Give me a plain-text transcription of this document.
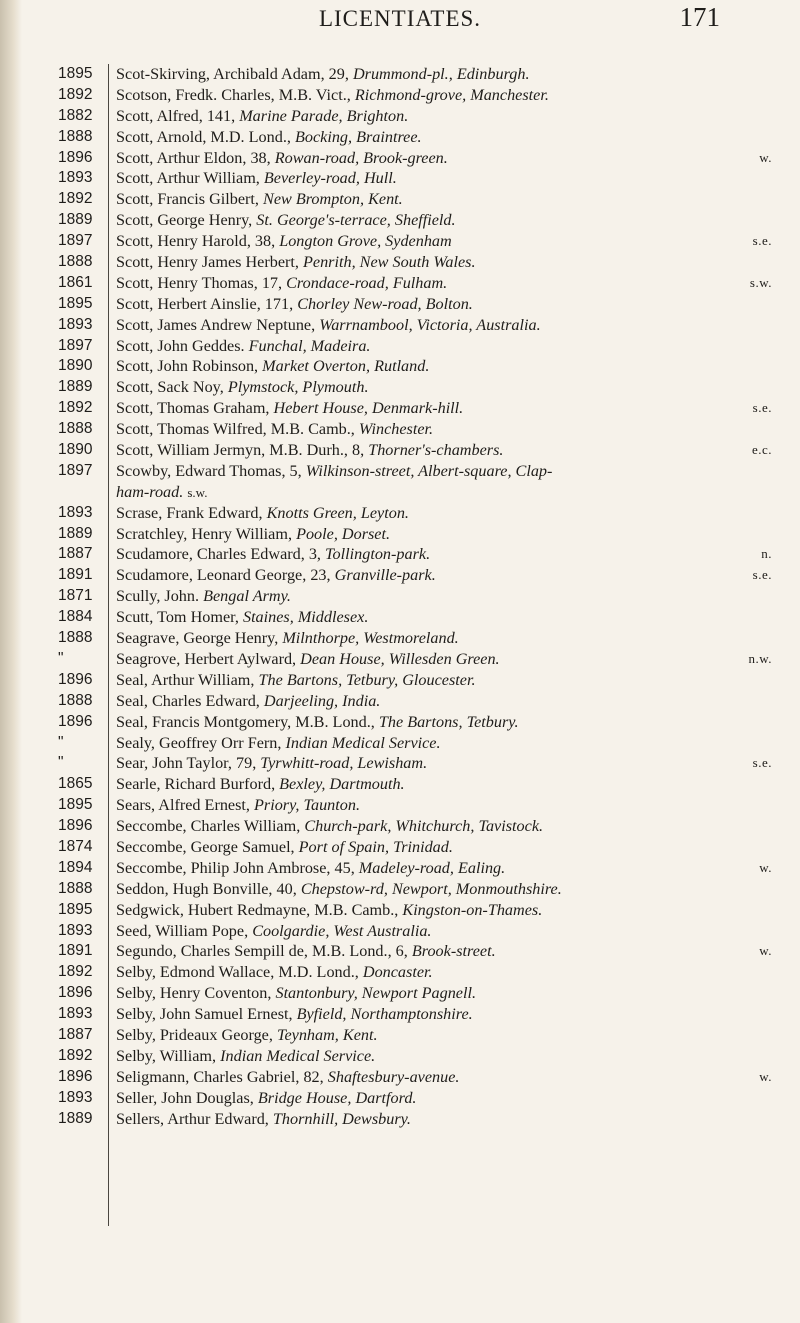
LICENTIATES.	171
1895	Scot-Skirving, Archibald Adam, 29, Drummond-pl., Edinburgh.
1892	Scotson, Fredk. Charles, M.B. Vict., Richmond-grove, Manchester.
1882	Scott, Alfred, 141, Marine Parade, Brighton.
1888	Scott, Arnold, M.D. Lond., Bocking, Braintree.
1896	Scott, Arthur Eldon, 38, Rowan-road, Brook-green.	w.
1893	Scott, Arthur William, Beverley-road, Hull.
1892	Scott, Francis Gilbert, New Brompton, Kent.
1889	Scott, George Henry, St. George's-terrace, Sheffield.
1897	Scott, Henry Harold, 38, Longton Grove, Sydenham	s.e.
1888	Scott, Henry James Herbert, Penrith, New South Wales.
1861	Scott, Henry Thomas, 17, Crondace-road, Fulham.	s.w.
1895	Scott, Herbert Ainslie, 171, Chorley New-road, Bolton.
1893	Scott, James Andrew Neptune, Warrnambool, Victoria, Australia.
1897	Scott, John Geddes. Funchal, Madeira.
1890	Scott, John Robinson, Market Overton, Rutland.
1889	Scott, Sack Noy, Plymstock, Plymouth.
1892	Scott, Thomas Graham, Hebert House, Denmark-hill.	s.e.
1888	Scott, Thomas Wilfred, M.B. Camb., Winchester.
1890	Scott, William Jermyn, M.B. Durh., 8, Thorner's-chambers.	e.c.
1897	Scowby, Edward Thomas, 5, Wilkinson-street, Albert-square, Clap-
ham-road. s.w.
1893	Scrase, Frank Edward, Knotts Green, Leyton.
1889	Scratchley, Henry William, Poole, Dorset.
1887	Scudamore, Charles Edward, 3, Tollington-park.	n.
1891	Scudamore, Leonard George, 23, Granville-park.	s.e.
1871	Scully, John. Bengal Army.
1884	Scutt, Tom Homer, Staines, Middlesex.
1888	Seagrave, George Henry, Milnthorpe, Westmoreland.
"	Seagrove, Herbert Aylward, Dean House, Willesden Green.	n.w.
1896	Seal, Arthur William, The Bartons, Tetbury, Gloucester.
1888	Seal, Charles Edward, Darjeeling, India.
1896	Seal, Francis Montgomery, M.B. Lond., The Bartons, Tetbury.
"	Sealy, Geoffrey Orr Fern, Indian Medical Service.
"	Sear, John Taylor, 79, Tyrwhitt-road, Lewisham.	s.e.
1865	Searle, Richard Burford, Bexley, Dartmouth.
1895	Sears, Alfred Ernest, Priory, Taunton.
1896	Seccombe, Charles William, Church-park, Whitchurch, Tavistock.
1874	Seccombe, George Samuel, Port of Spain, Trinidad.
1894	Seccombe, Philip John Ambrose, 45, Madeley-road, Ealing.	w.
1888	Seddon, Hugh Bonville, 40, Chepstow-rd, Newport, Monmouthshire.
1895	Sedgwick, Hubert Redmayne, M.B. Camb., Kingston-on-Thames.
1893	Seed, William Pope, Coolgardie, West Australia.
1891	Segundo, Charles Sempill de, M.B. Lond., 6, Brook-street.	w.
1892	Selby, Edmond Wallace, M.D. Lond., Doncaster.
1896	Selby, Henry Coventon, Stantonbury, Newport Pagnell.
1893	Selby, John Samuel Ernest, Byfield, Northamptonshire.
1887	Selby, Prideaux George, Teynham, Kent.
1892	Selby, William, Indian Medical Service.
1896	Seligmann, Charles Gabriel, 82, Shaftesbury-avenue.	w.
1893	Seller, John Douglas, Bridge House, Dartford.
1889	Sellers, Arthur Edward, Thornhill, Dewsbury.
